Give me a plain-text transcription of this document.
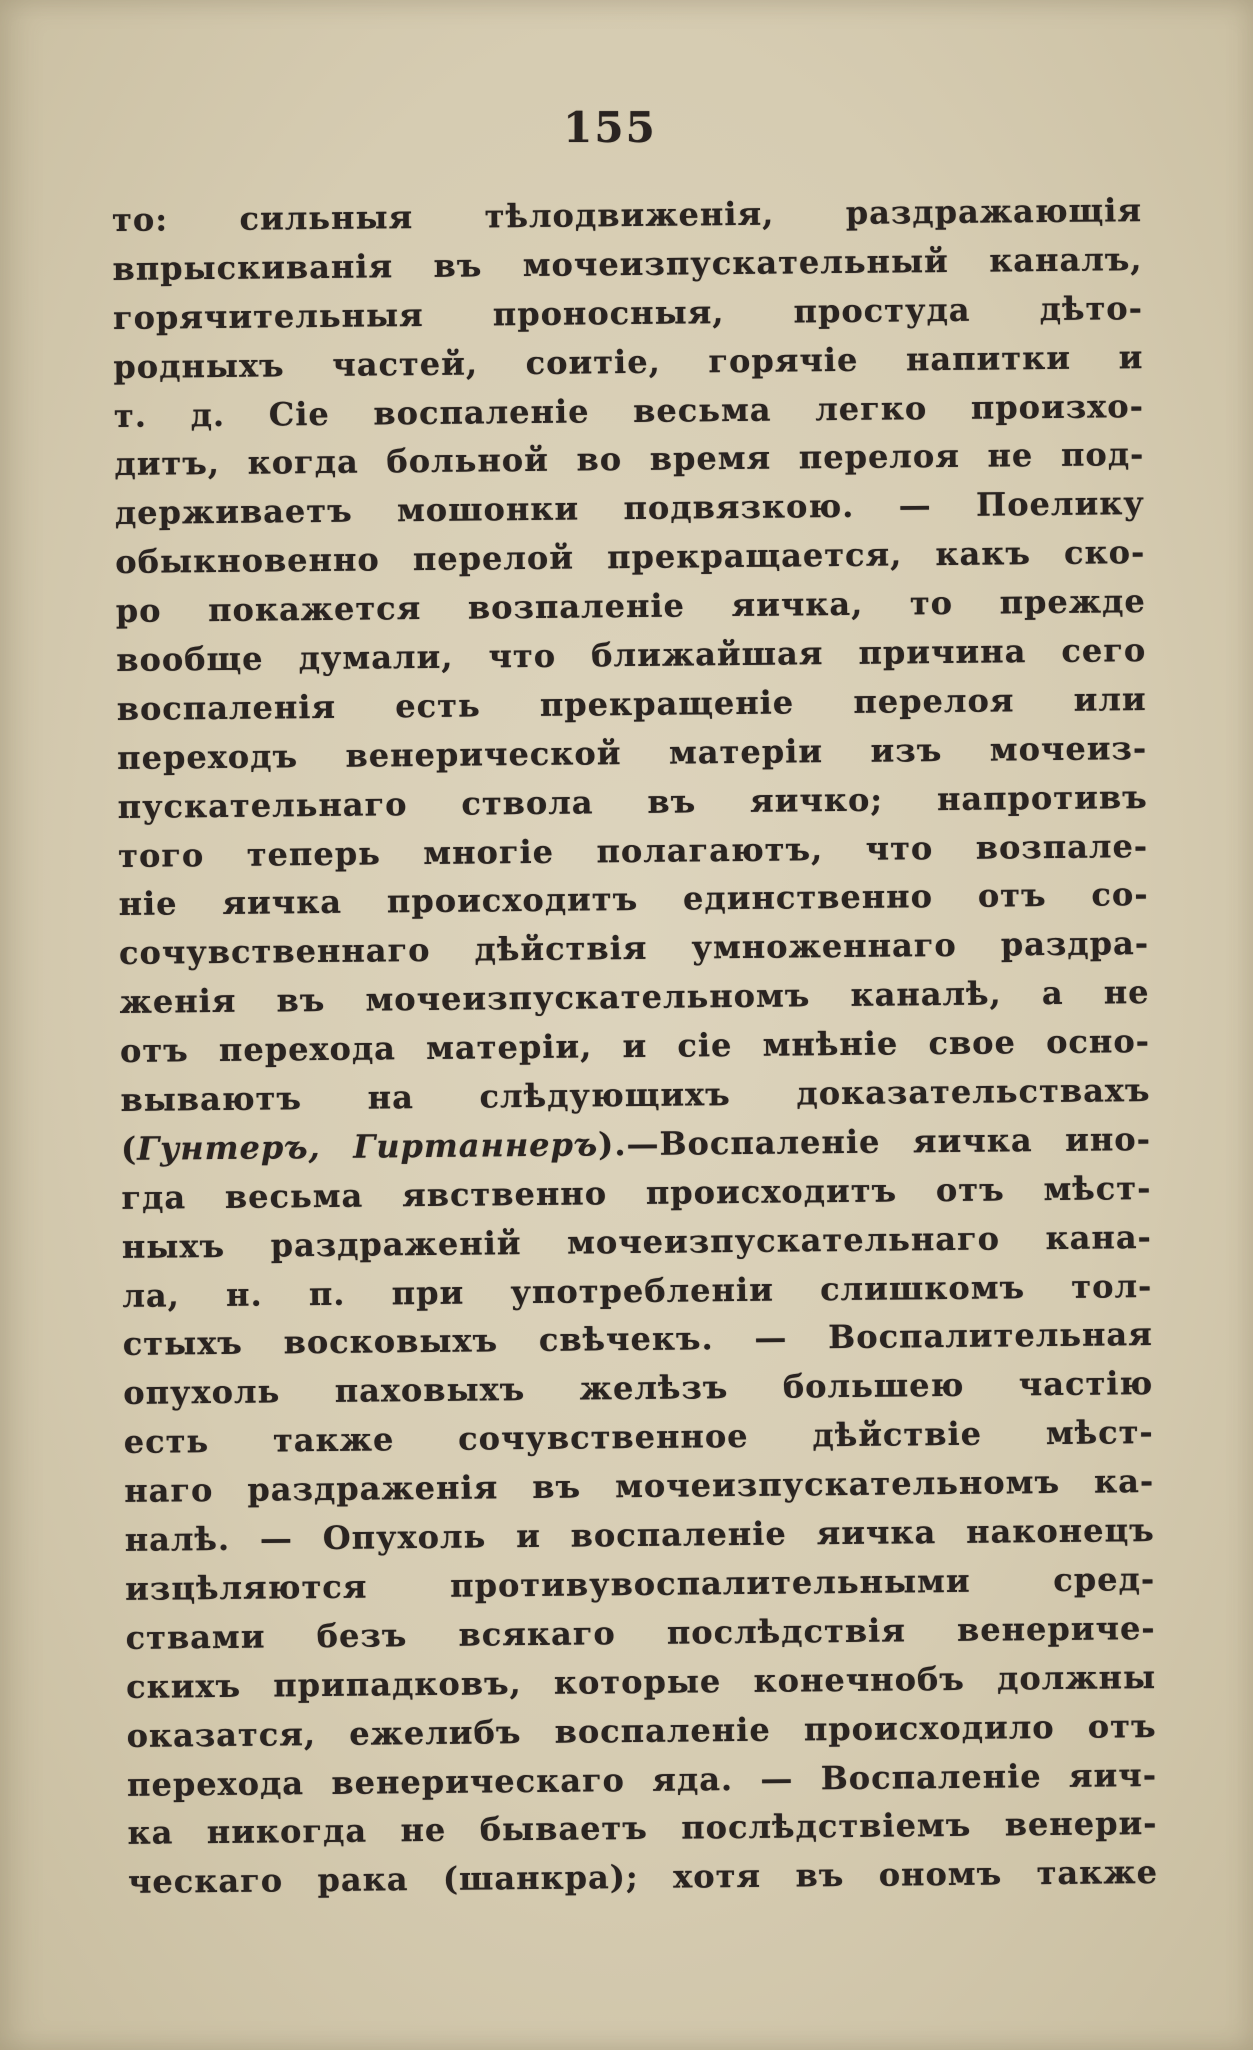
155
то: сильныя тѣлодвиженія, раздражающія
впрыскиванія въ мочеизпускательный каналъ,
горячительныя проносныя, простуда дѣто-
родныхъ частей, соитіе, горячіе напитки и
т. д. Сіе воспаленіе весьма легко произхо-
дитъ, когда больной во время перелоя не под-
держиваетъ мошонки подвязкою. — Поелику
обыкновенно перелой прекращается, какъ ско-
ро покажется возпаленіе яичка, то прежде
вообще думали, что ближайшая причина сего
воспаленія есть прекращеніе перелоя или
переходъ венерической матеріи изъ мочеиз-
пускательнаго ствола въ яичко; напротивъ
того теперь многіе полагаютъ, что возпале-
ніе яичка происходитъ единственно отъ со-
сочувственнаго дѣйствія умноженнаго раздра-
женія въ мочеизпускательномъ каналѣ, а не
отъ перехода матеріи, и сіе мнѣніе свое осно-
вываютъ на слѣдующихъ доказательствахъ
(Гунтеръ, Гиртаннеръ).—Воспаленіе яичка ино-
гда весьма явственно происходитъ отъ мѣст-
ныхъ раздраженій мочеизпускательнаго кана-
ла, н. п. при употребленіи слишкомъ тол-
стыхъ восковыхъ свѣчекъ. — Воспалительная
опухоль паховыхъ желѣзъ большею частію
есть также сочувственное дѣйствіе мѣст-
наго раздраженія въ мочеизпускательномъ ка-
налѣ. — Опухоль и воспаленіе яичка наконецъ
изцѣляются противувоспалительными сред-
ствами безъ всякаго послѣдствія венериче-
скихъ припадковъ, которые конечнобъ должны
оказатся, ежелибъ воспаленіе происходило отъ
перехода венерическаго яда. — Воспаленіе яич-
ка никогда не бываетъ послѣдствіемъ венери-
ческаго рака (шанкра); хотя въ ономъ также
